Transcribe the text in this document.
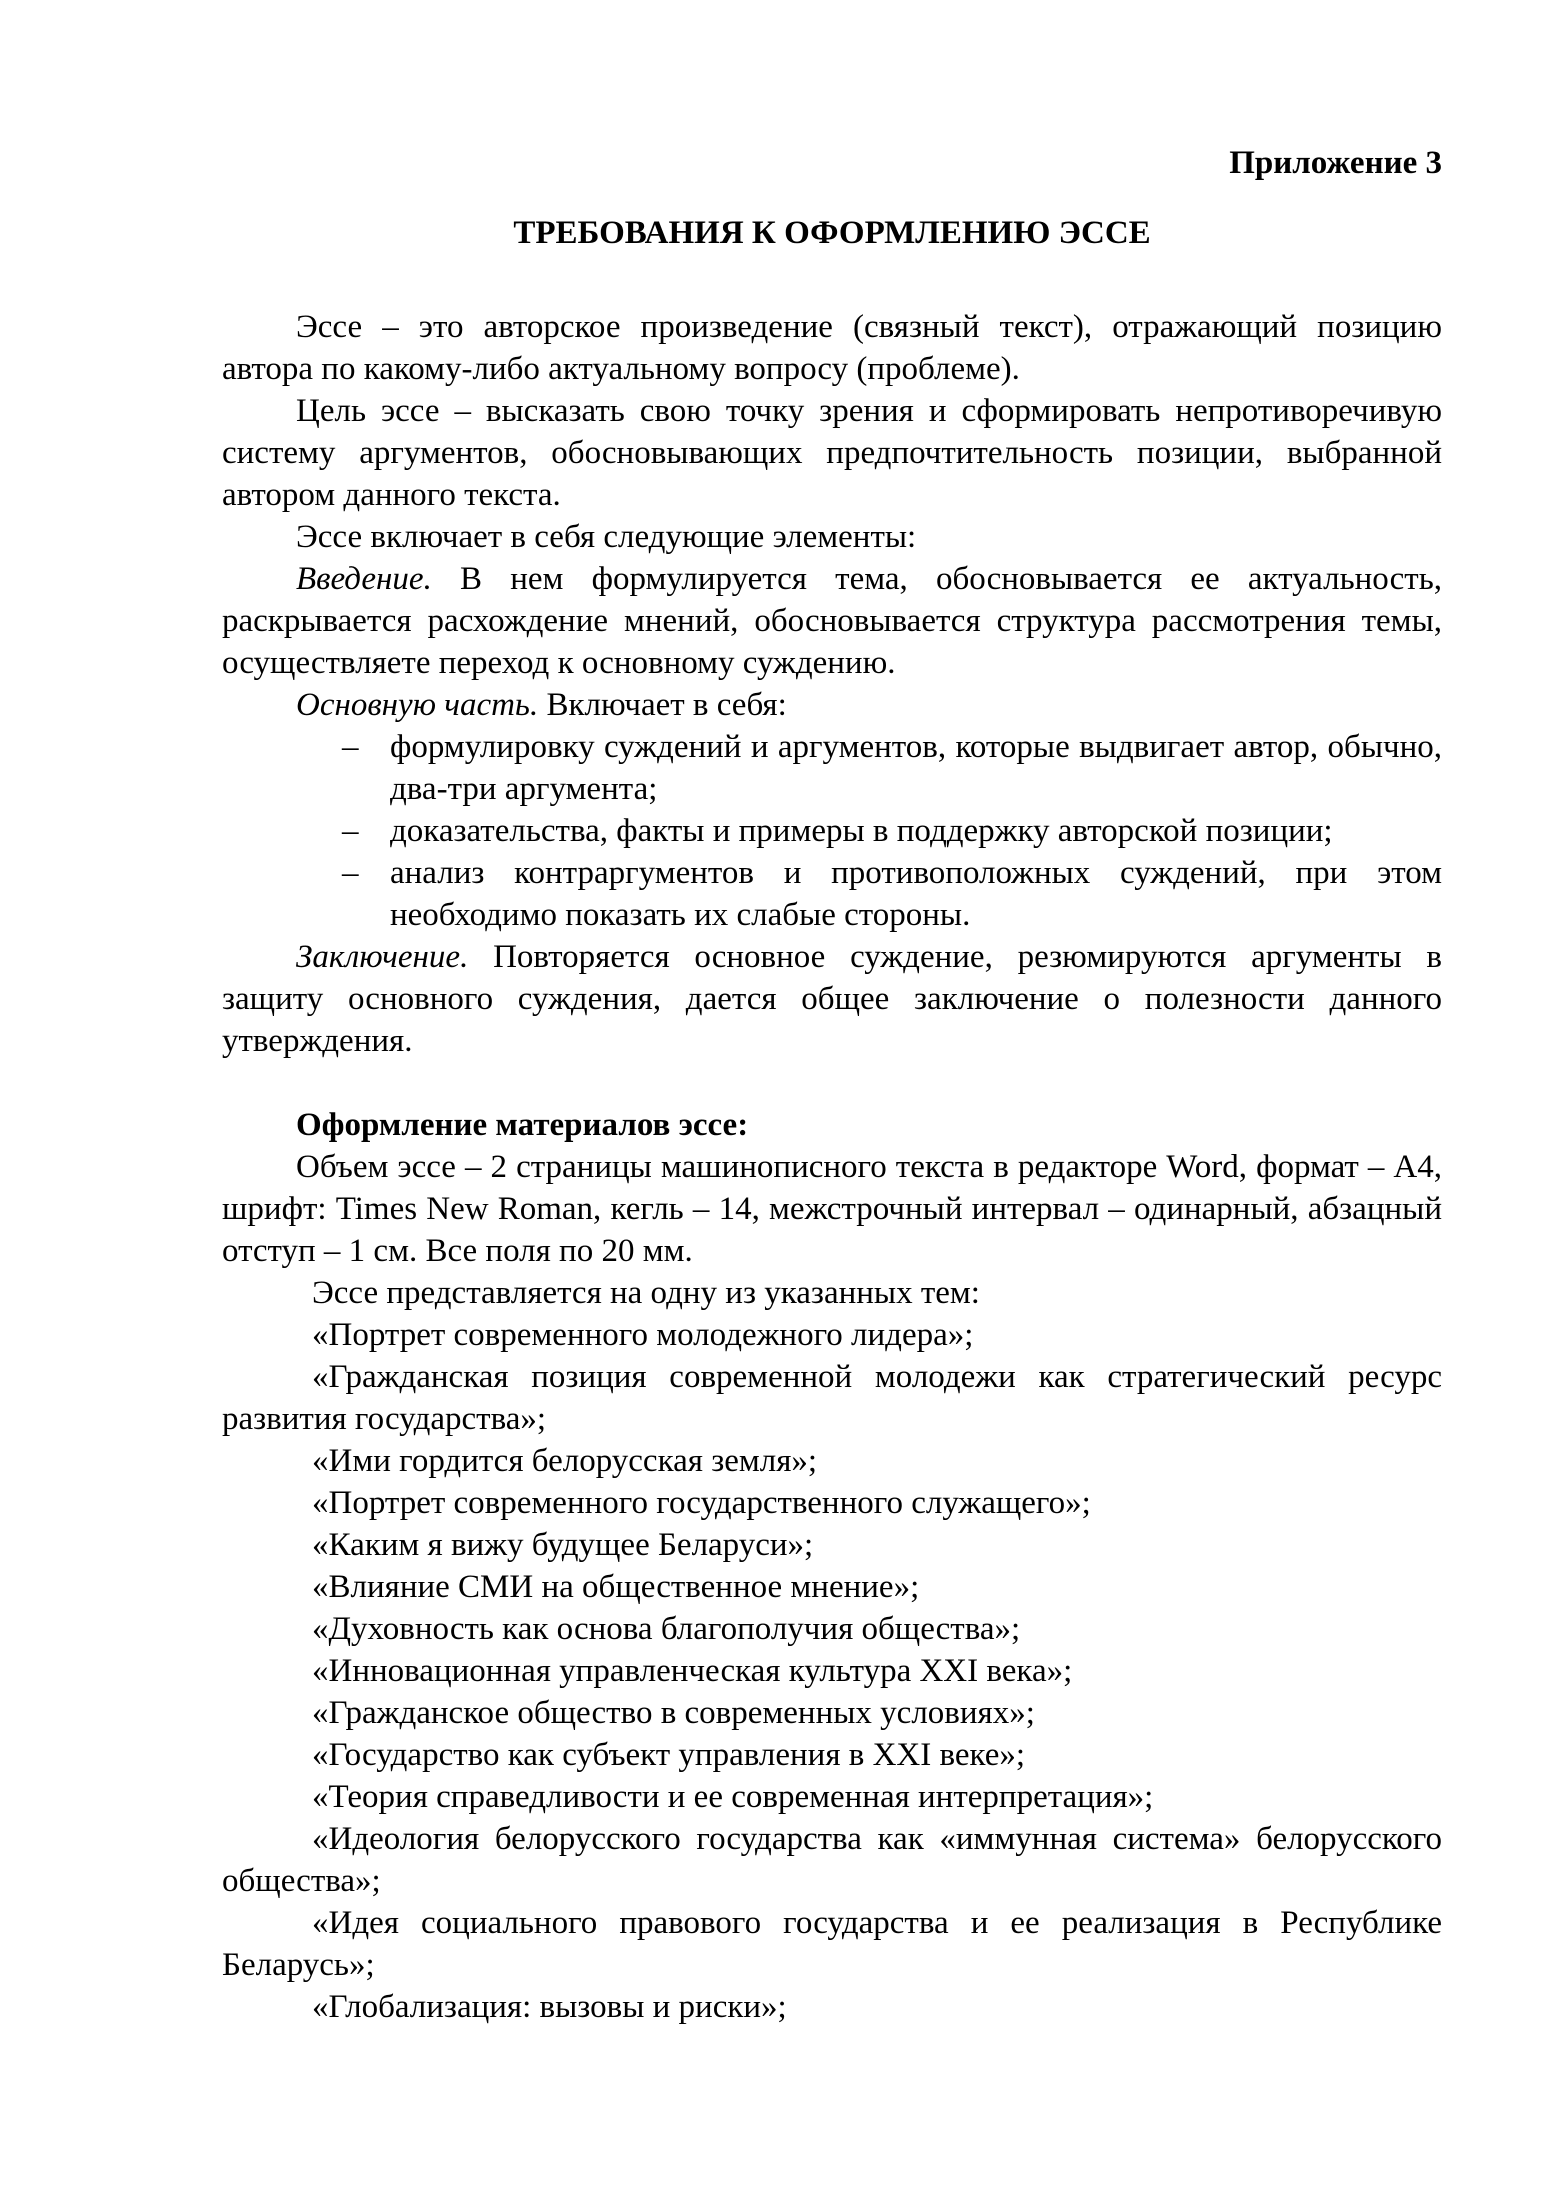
Приложение 3

ТРЕБОВАНИЯ К ОФОРМЛЕНИЮ ЭССЕ

Эссе – это авторское произведение (связный текст), отражающий позицию автора по какому-либо актуальному вопросу (проблеме).

Цель эссе – высказать свою точку зрения и сформировать непротиворечивую систему аргументов, обосновывающих предпочтительность позиции, выбранной автором данного текста.

Эссе включает в себя следующие элементы:

Введение. В нем формулируется тема, обосновывается ее актуальность, раскрывается расхождение мнений, обосновывается структура рассмотрения темы, осуществляете переход к основному суждению.

Основную часть. Включает в себя:

– формулировку суждений и аргументов, которые выдвигает автор, обычно, два-три аргумента;
– доказательства, факты и примеры в поддержку авторской позиции;
– анализ контраргументов и противоположных суждений, при этом необходимо показать их слабые стороны.

Заключение. Повторяется основное суждение, резюмируются аргументы в защиту основного суждения, дается общее заключение о полезности данного утверждения.

Оформление материалов эссе:

Объем эссе – 2 страницы машинописного текста в редакторе Word, формат – А4, шрифт: Times New Roman, кегль – 14, межстрочный интервал – одинарный, абзацный отступ – 1 см. Все поля по 20 мм.

Эссе представляется на одну из указанных тем:

«Портрет современного молодежного лидера»;

«Гражданская позиция современной молодежи как стратегический ресурс развития государства»;

«Ими гордится белорусская земля»;

«Портрет современного государственного служащего»;

«Каким я вижу будущее Беларуси»;

«Влияние СМИ на общественное мнение»;

«Духовность как основа благополучия общества»;

«Инновационная управленческая культура XXI века»;

«Гражданское общество в современных условиях»;

«Государство как субъект управления в XXI веке»;

«Теория справедливости и ее современная интерпретация»;

«Идеология белорусского государства как «иммунная система» белорусского общества»;

«Идея социального правового государства и ее реализация в Республике Беларусь»;

«Глобализация: вызовы и риски»;
